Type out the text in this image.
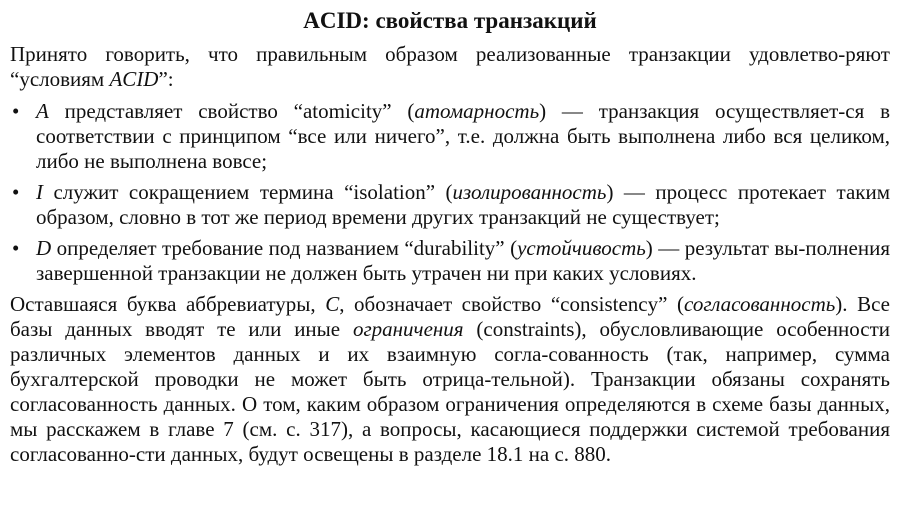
ACID: свойства транзакций

Принято говорить, что правильным образом реализованные транзакции удовлетво-ряют “условиям ACID”:

• A представляет свойство “atomicity” (атомарность) — транзакция осуществляет-ся в соответствии с принципом “все или ничего”, т.е. должна быть выполнена либо вся целиком, либо не выполнена вовсе;
• I служит сокращением термина “isolation” (изолированность) — процесс протекает таким образом, словно в тот же период времени других транзакций не существует;
• D определяет требование под названием “durability” (устойчивость) — результат вы-полнения завершенной транзакции не должен быть утрачен ни при каких условиях.

Оставшаяся буква аббревиатуры, C, обозначает свойство “consistency” (согласованность). Все базы данных вводят те или иные ограничения (constraints), обусловливающие особенности различных элементов данных и их взаимную согла-сованность (так, например, сумма бухгалтерской проводки не может быть отрица-тельной). Транзакции обязаны сохранять согласованность данных. О том, каким образом ограничения определяются в схеме базы данных, мы расскажем в главе 7 (см. с. 317), а вопросы, касающиеся поддержки системой требования согласованно-сти данных, будут освещены в разделе 18.1 на с. 880.
